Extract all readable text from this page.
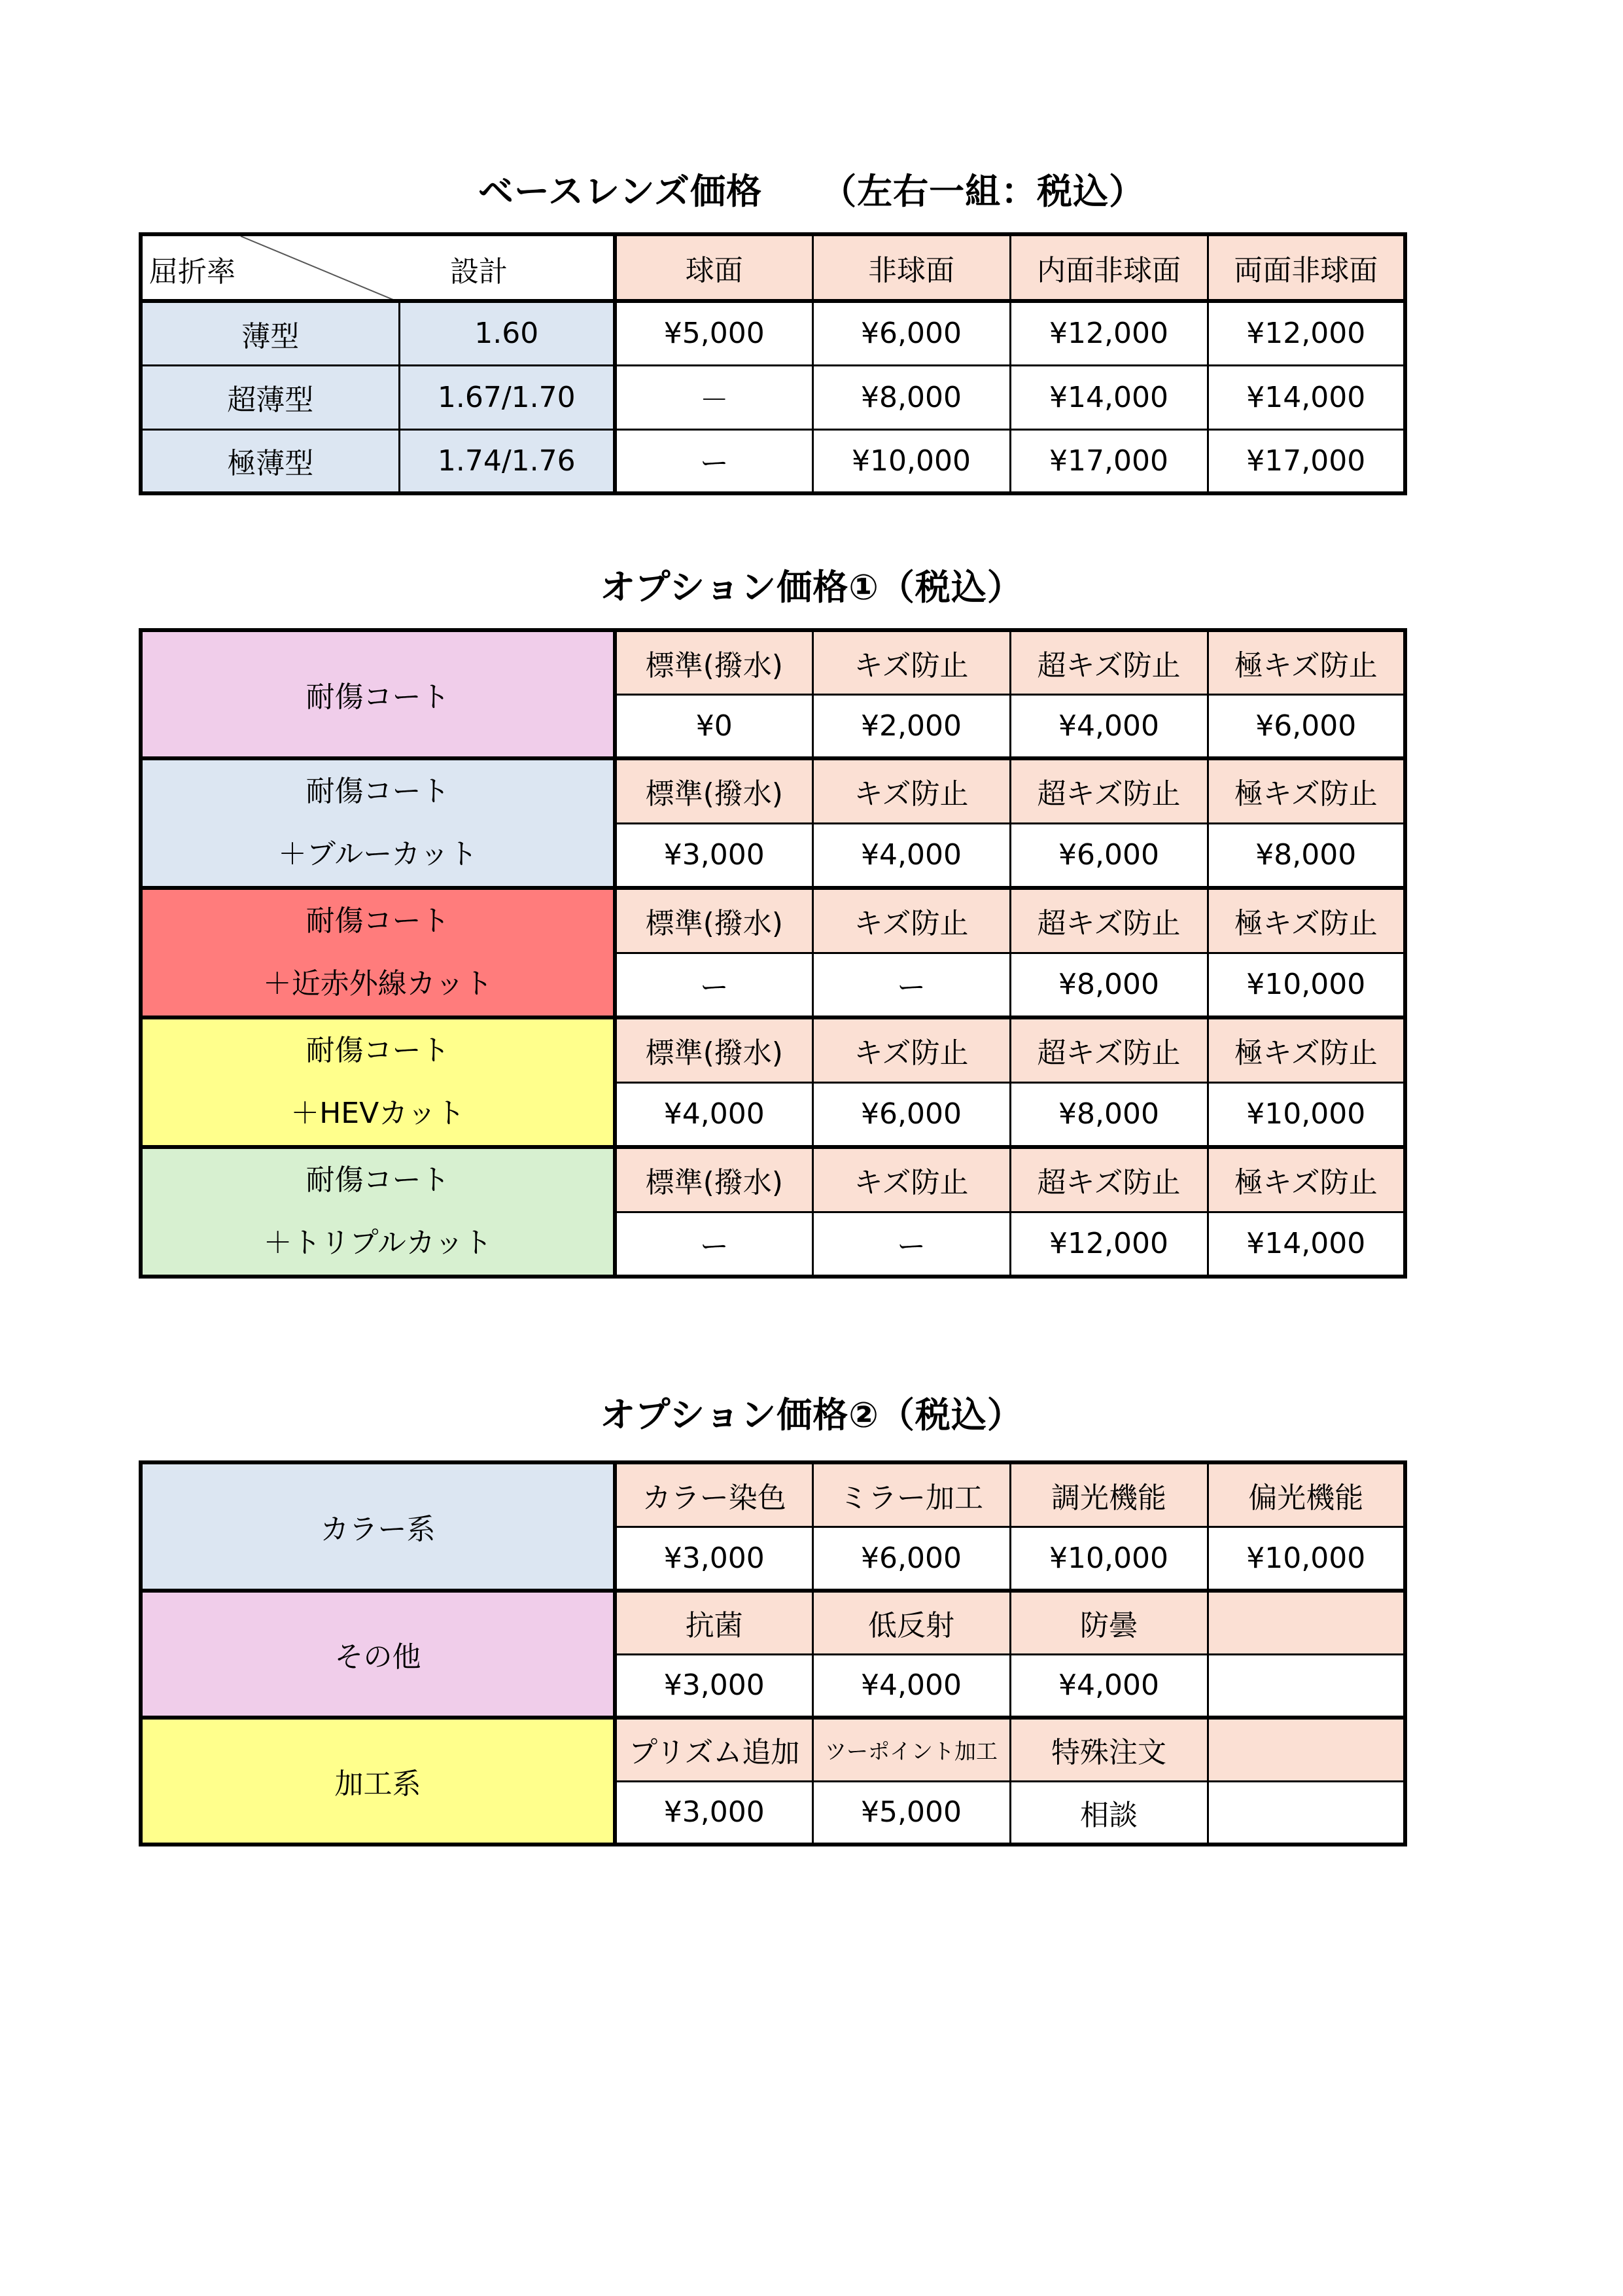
ベースレンズ価格 （左右一組：税込）
屈折率 設計		球面	非球面	内面非球面	両面非球面
薄型	1.60	¥5,000	¥6,000	¥12,000	¥12,000
超薄型	1.67/1.70	－	¥8,000	¥14,000	¥14,000
極薄型	1.74/1.76	ー	¥10,000	¥17,000	¥17,000
オプション価格①（税込）
耐傷コート	標準(撥水)	キズ防止	超キズ防止	極キズ防止
	¥0	¥2,000	¥4,000	¥6,000

耐傷コート
＋ブルーカット	標準(撥水)	キズ防止	超キズ防止	極キズ防止
	¥3,000	¥4,000	¥6,000	¥8,000

耐傷コート
＋近赤外線カット	標準(撥水)	キズ防止	超キズ防止	極キズ防止
	ー	ー	¥8,000	¥10,000

耐傷コート
＋HEVカット	標準(撥水)	キズ防止	超キズ防止	極キズ防止
	¥4,000	¥6,000	¥8,000	¥10,000

耐傷コート
＋トリプルカット	標準(撥水)	キズ防止	超キズ防止	極キズ防止
	ー	ー	¥12,000	¥14,000
オプション価格②（税込）
カラー系	カラー染色	ミラー加工	調光機能	偏光機能
	¥3,000	¥6,000	¥10,000	¥10,000
その他	抗菌	低反射	防曇	
	¥3,000	¥4,000	¥4,000	
加工系	プリズム追加	ツーポイント加工	特殊注文	
	¥3,000	¥5,000	相談	
